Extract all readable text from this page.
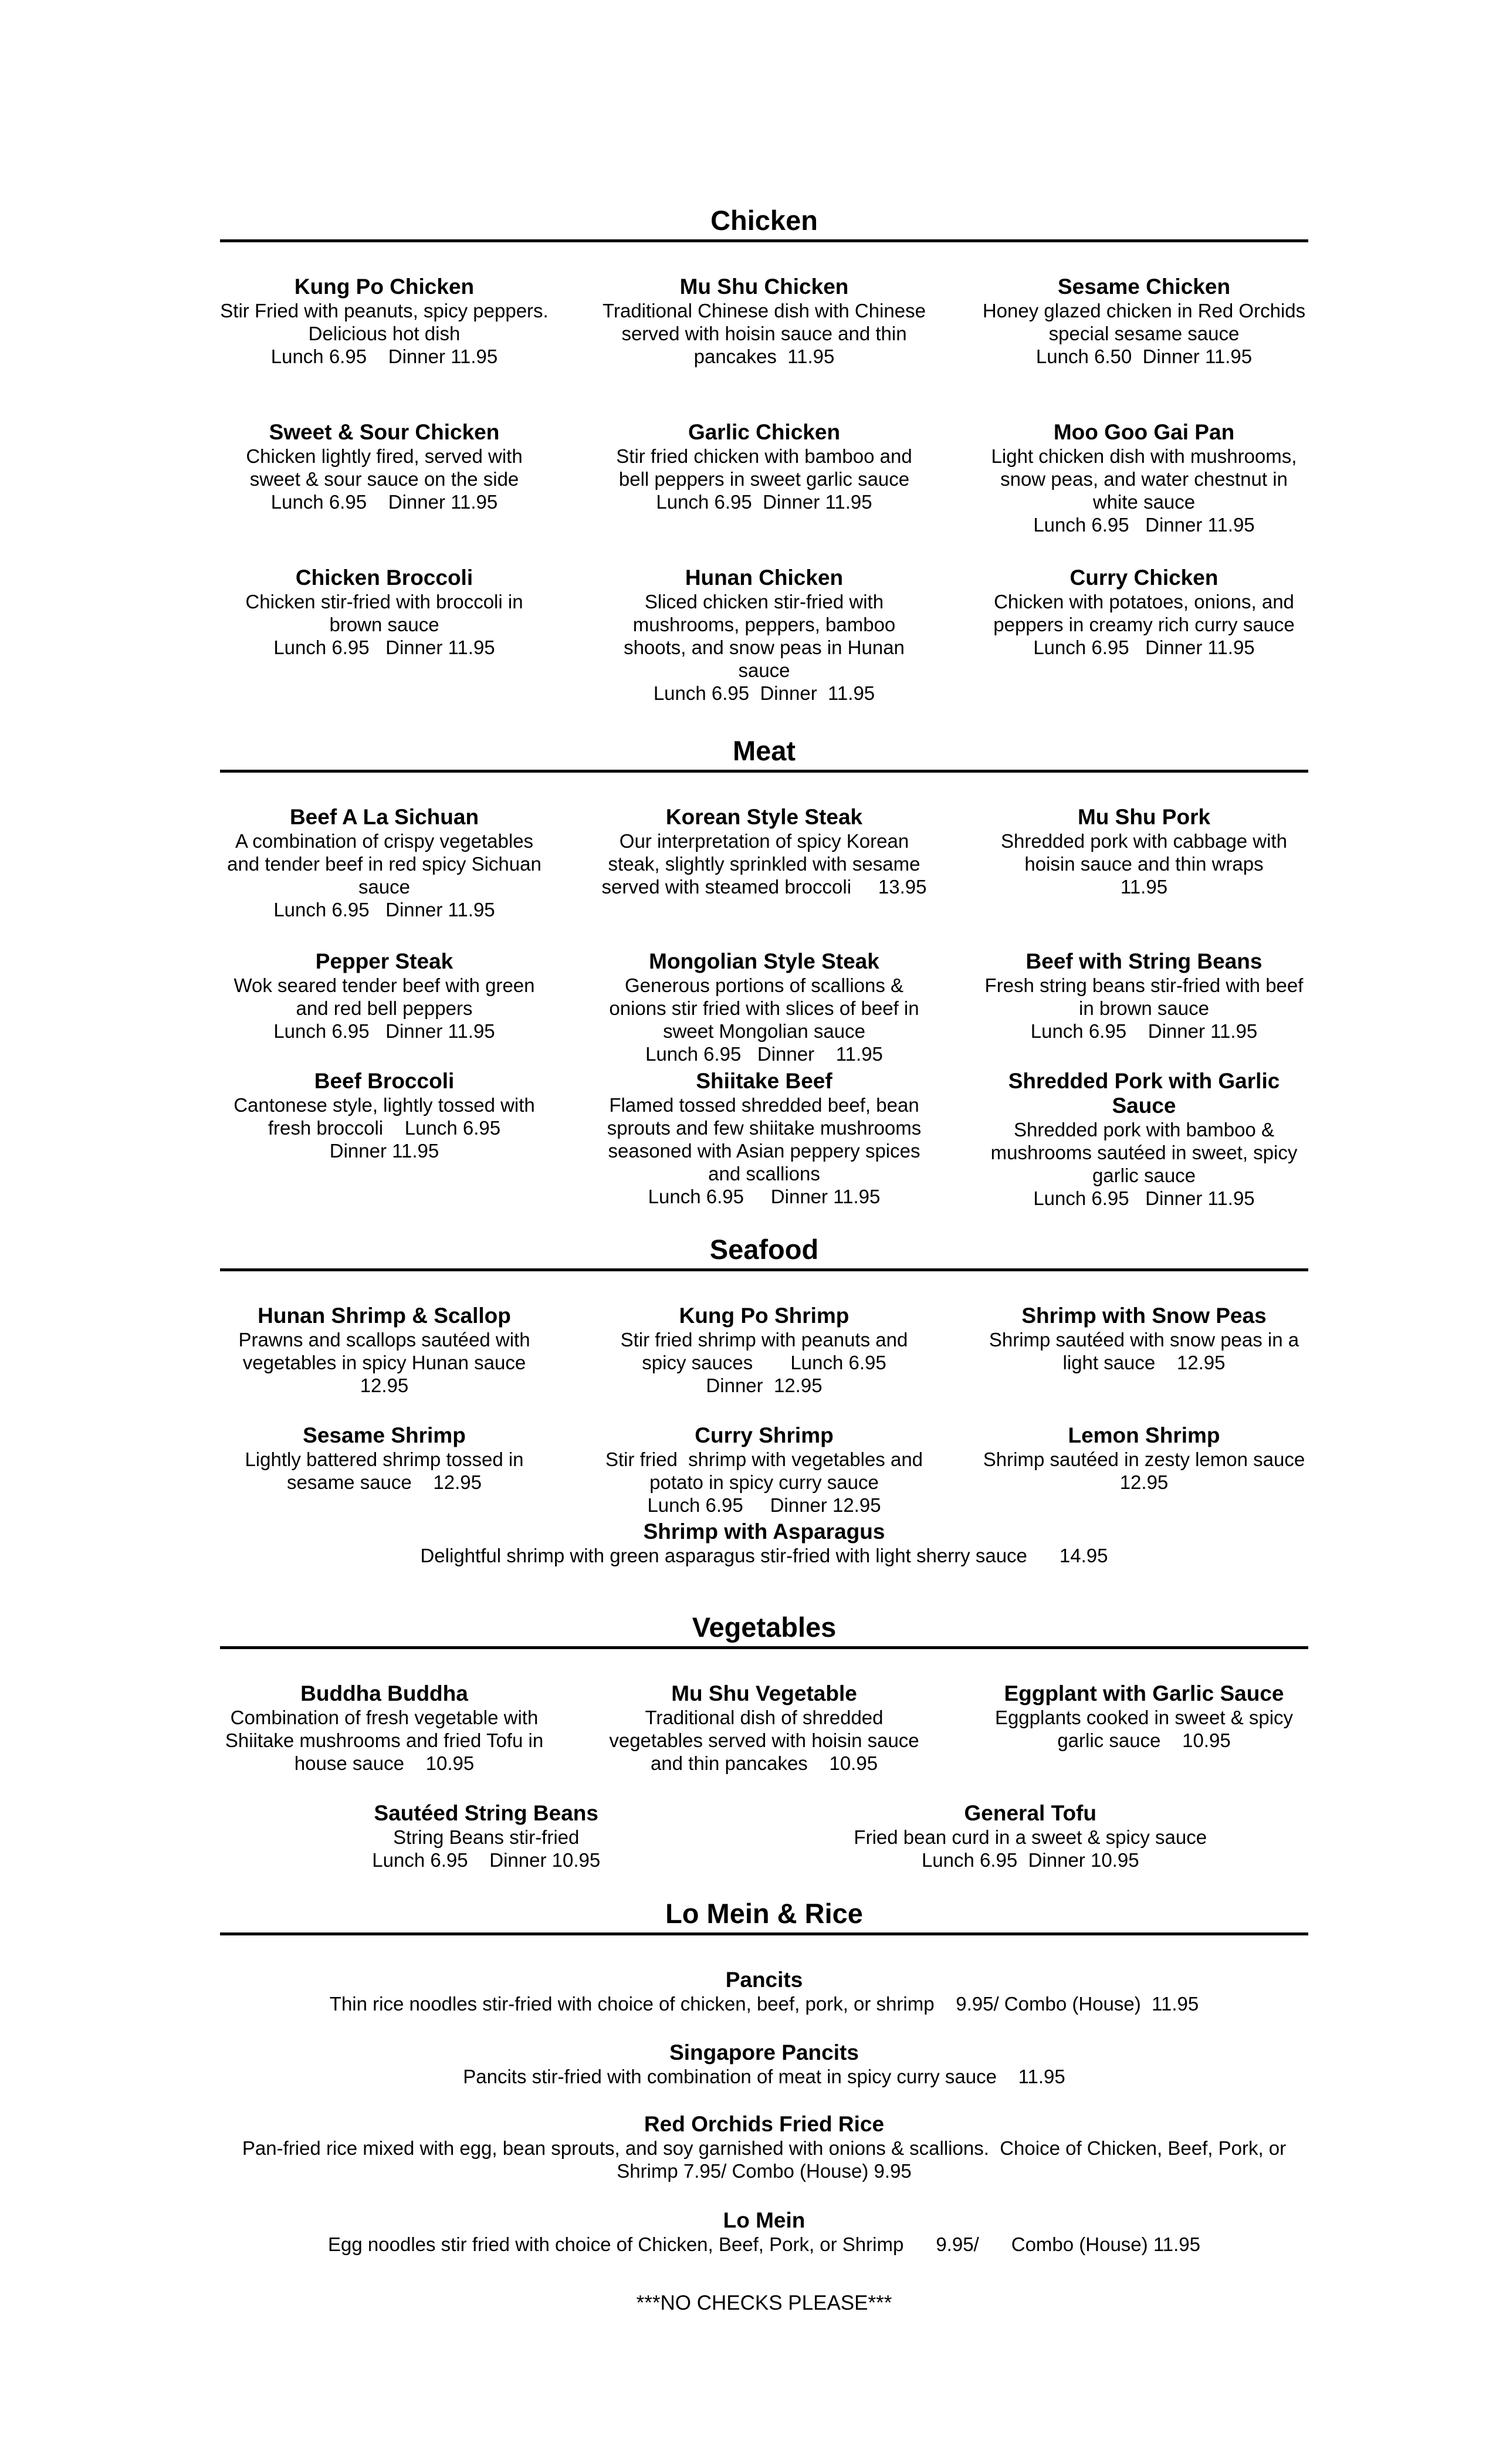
Chicken
Kung Po Chicken
Stir Fried with peanuts, spicy peppers.  Delicious hot dish
Lunch 6.95    Dinner 11.95
Mu Shu Chicken
Traditional Chinese dish with Chinese served with hoisin sauce and thin pancakes  11.95
Sesame Chicken
Honey glazed chicken in Red Orchids special sesame sauce
Lunch 6.50  Dinner 11.95
Sweet & Sour Chicken
Chicken lightly fired, served with sweet & sour sauce on the side
Lunch 6.95    Dinner 11.95
Garlic Chicken
Stir fried chicken with bamboo and bell peppers in sweet garlic sauce   Lunch 6.95  Dinner 11.95
Moo Goo Gai Pan
Light chicken dish with mushrooms, snow peas, and water chestnut in white sauce
Lunch 6.95   Dinner 11.95
Chicken Broccoli
Chicken stir-fried with broccoli in brown sauce
Lunch 6.95   Dinner 11.95
Hunan Chicken
Sliced chicken stir-fried with mushrooms, peppers, bamboo shoots, and snow peas in Hunan sauce
Lunch 6.95  Dinner  11.95
Curry Chicken
Chicken with potatoes, onions, and peppers in creamy rich curry sauce
Lunch 6.95   Dinner 11.95
Meat
Beef A La Sichuan
A combination of crispy vegetables and tender beef in red spicy Sichuan sauce
Lunch 6.95   Dinner 11.95
Korean Style Steak
Our interpretation of spicy Korean steak, slightly sprinkled with sesame served with steamed broccoli     13.95
Mu Shu Pork
Shredded pork with cabbage with hoisin sauce and thin wraps
11.95
Pepper Steak
Wok seared tender beef with green and red bell peppers
Lunch 6.95   Dinner 11.95
Mongolian Style Steak
Generous portions of scallions & onions stir fried with slices of beef in sweet Mongolian sauce
Lunch 6.95   Dinner    11.95
Beef with String Beans
Fresh string beans stir-fried with beef in brown sauce
Lunch 6.95    Dinner 11.95
Beef Broccoli
Cantonese style, lightly tossed with fresh broccoli    Lunch 6.95
Dinner 11.95
Shiitake Beef
Flamed tossed shredded beef, bean sprouts and few shiitake mushrooms seasoned with Asian peppery spices and scallions
Lunch 6.95     Dinner 11.95
Shredded Pork with Garlic Sauce
Shredded pork with bamboo & mushrooms sautéed in sweet, spicy garlic sauce
Lunch 6.95   Dinner 11.95
Seafood
Hunan Shrimp & Scallop
Prawns and scallops sautéed with vegetables in spicy Hunan sauce    12.95
Kung Po Shrimp
Stir fried shrimp with peanuts and spicy sauces       Lunch 6.95
Dinner  12.95
Shrimp with Snow Peas
Shrimp sautéed with snow peas in a light sauce    12.95
Sesame Shrimp
Lightly battered shrimp tossed in sesame sauce    12.95
Curry Shrimp
Stir fried  shrimp with vegetables and potato in spicy curry sauce
Lunch 6.95     Dinner 12.95
Lemon Shrimp
Shrimp sautéed in zesty lemon sauce      12.95
Shrimp with Asparagus
Delightful shrimp with green asparagus stir-fried with light sherry sauce      14.95
Vegetables
Buddha Buddha
Combination of fresh vegetable with Shiitake mushrooms and fried Tofu in house sauce    10.95
Mu Shu Vegetable
Traditional dish of shredded vegetables served with hoisin sauce and thin pancakes    10.95
Eggplant with Garlic Sauce
Eggplants cooked in sweet & spicy garlic sauce    10.95
Sautéed String Beans
String Beans stir-fried
Lunch 6.95    Dinner 10.95
General Tofu
Fried bean curd in a sweet & spicy sauce
Lunch 6.95  Dinner 10.95
Lo Mein & Rice
Pancits
Thin rice noodles stir-fried with choice of chicken, beef, pork, or shrimp    9.95/ Combo (House)  11.95
Singapore Pancits
Pancits stir-fried with combination of meat in spicy curry sauce    11.95
Red Orchids Fried Rice
Pan-fried rice mixed with egg, bean sprouts, and soy garnished with onions & scallions.  Choice of Chicken, Beef, Pork, or Shrimp 7.95/ Combo (House) 9.95
Lo Mein
Egg noodles stir fried with choice of Chicken, Beef, Pork, or Shrimp      9.95/      Combo (House) 11.95
***NO CHECKS PLEASE***
